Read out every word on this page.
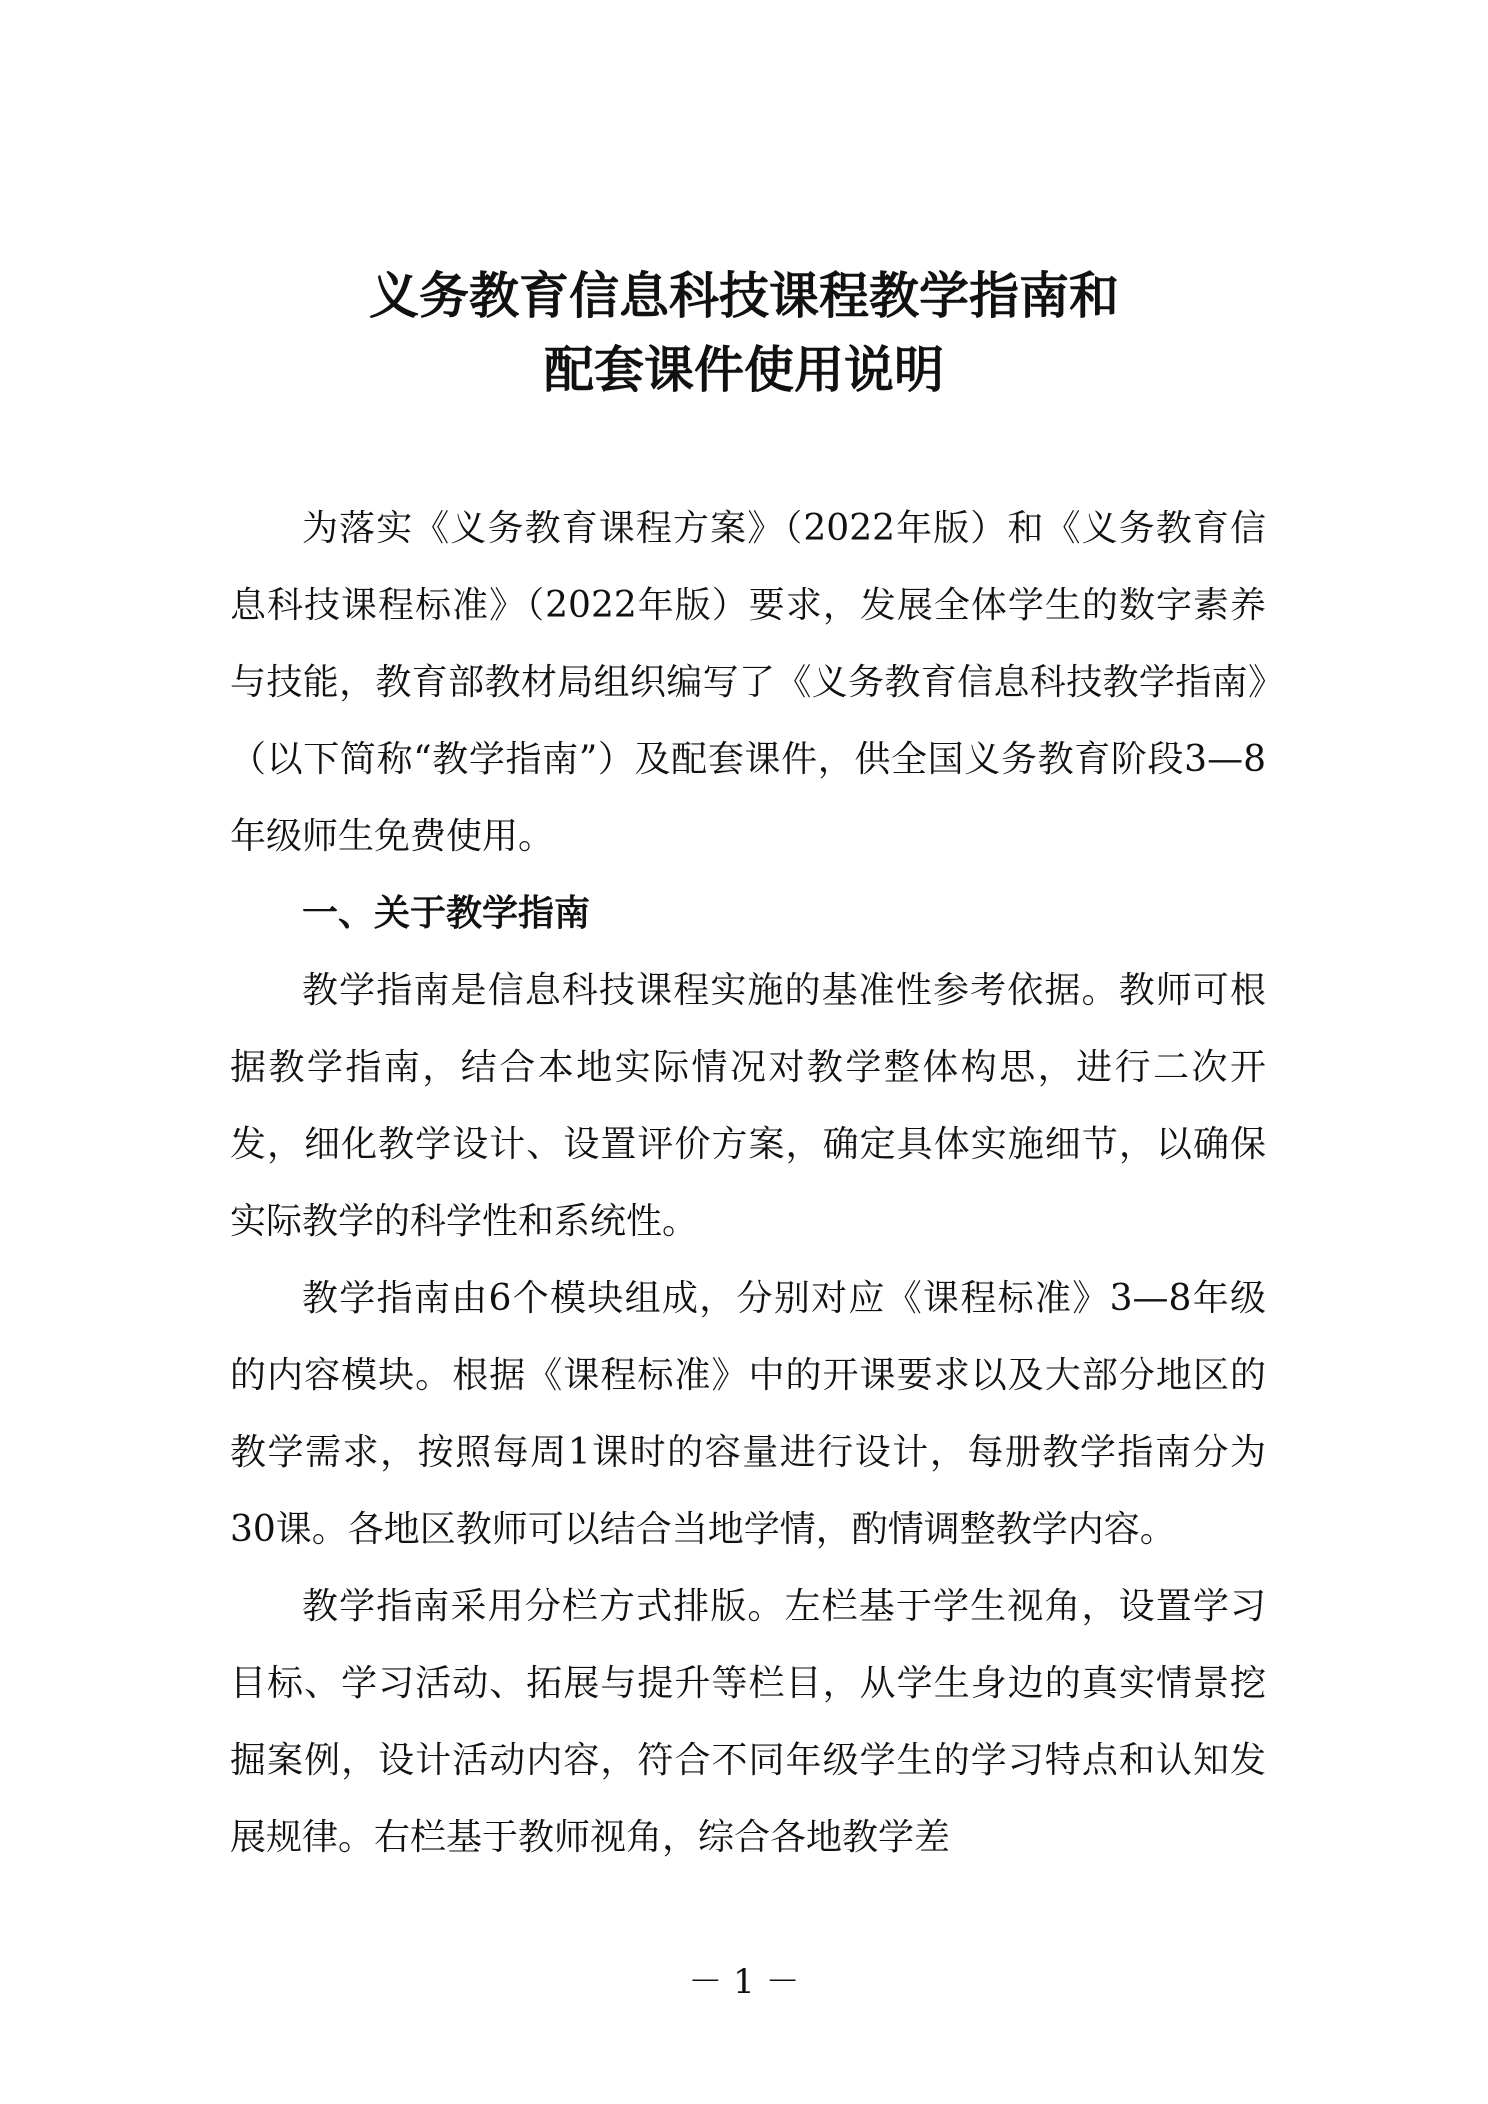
义务教育信息科技课程教学指南和
配套课件使用说明

为落实《义务教育课程方案》（2022年版）和《义务教育信息科技课程标准》（2022年版）要求，发展全体学生的数字素养与技能，教育部教材局组织编写了《义务教育信息科技教学指南》（以下简称“教学指南”）及配套课件，供全国义务教育阶段3—8年级师生免费使用。

一、关于教学指南

教学指南是信息科技课程实施的基准性参考依据。教师可根据教学指南，结合本地实际情况对教学整体构思，进行二次开发，细化教学设计、设置评价方案，确定具体实施细节，以确保实际教学的科学性和系统性。

教学指南由6个模块组成，分别对应《课程标准》3—8年级的内容模块。根据《课程标准》中的开课要求以及大部分地区的教学需求，按照每周1课时的容量进行设计，每册教学指南分为30课。各地区教师可以结合当地学情，酌情调整教学内容。

教学指南采用分栏方式排版。左栏基于学生视角，设置学习目标、学习活动、拓展与提升等栏目，从学生身边的真实情景挖掘案例，设计活动内容，符合不同年级学生的学习特点和认知发展规律。右栏基于教师视角，综合各地教学差

－ 1 －
